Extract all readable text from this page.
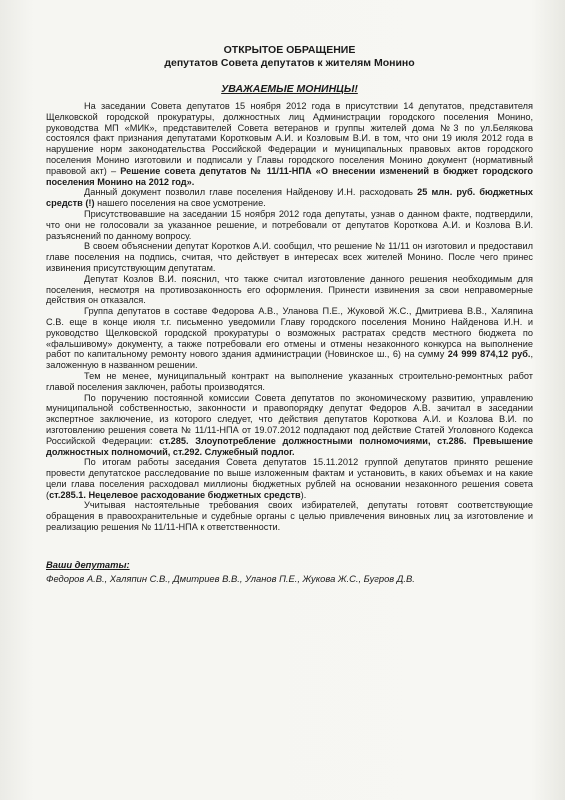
ОТКРЫТОЕ ОБРАЩЕНИЕ

депутатов Совета депутатов к жителям Монино

УВАЖАЕМЫЕ МОНИНЦЫ!

На заседании Совета депутатов 15 ноября 2012 года в присутствии 14 депутатов, представителя Щелковской городской прокуратуры, должностных лиц Администрации городского поселения Монино, руководства МП «МИК», представителей Совета ветеранов и группы жителей дома №3 по ул.Белякова состоялся факт признания депутатами Коротковым А.И. и Козловым В.И. в том, что они 19 июля 2012 года в нарушение норм законодательства Российской Федерации и муниципальных правовых актов городского поселения Монино изготовили и подписали у Главы городского поселения Монино документ (нормативный правовой акт) – Решение совета депутатов № 11/11-НПА «О внесении изменений в бюджет городского поселения Монино на 2012 год».

Данный документ позволил главе поселения Найденову И.Н. расходовать 25 млн. руб. бюджетных средств (!) нашего поселения на свое усмотрение.

Присутствовавшие на заседании 15 ноября 2012 года депутаты, узнав о данном факте, подтвердили, что они не голосовали за указанное решение, и потребовали от депутатов Короткова А.И. и Козлова В.И. разъяснений по данному вопросу.

В своем объяснении депутат Коротков А.И. сообщил, что решение № 11/11 он изготовил и предоставил главе поселения на подпись, считая, что действует в интересах всех жителей Монино. После чего принес извинения присутствующим депутатам.

Депутат Козлов В.И. пояснил, что также считал изготовление данного решения необходимым для поселения, несмотря на противозаконность его оформления. Принести извинения за свои неправомерные действия он отказался.

Группа депутатов в составе Федорова А.В., Уланова П.Е., Жуковой Ж.С., Дмитриева В.В., Халяпина С.В. еще в конце июля т.г. письменно уведомили Главу городского поселения Монино Найденова И.Н. и руководство Щелковской городской прокуратуры о возможных растратах средств местного бюджета по «фальшивому» документу, а также потребовали его отмены и отмены незаконного конкурса на выполнение работ по капитальному ремонту нового здания администрации (Новинское ш., 6) на сумму 24 999 874,12 руб., заложенную в названном решении.

Тем не менее, муниципальный контракт на выполнение указанных строительно-ремонтных работ главой поселения заключен, работы производятся.

По поручению постоянной комиссии Совета депутатов по экономическому развитию, управлению муниципальной собственностью, законности и правопорядку депутат Федоров А.В. зачитал в заседании экспертное заключение, из которого следует, что действия депутатов Короткова А.И. и Козлова В.И. по изготовлению решения совета № 11/11-НПА от 19.07.2012 подпадают под действие Статей Уголовного Кодекса Российской Федерации: ст.285. Злоупотребление должностными полномочиями, ст.286. Превышение должностных полномочий, ст.292. Служебный подлог.

По итогам работы заседания Совета депутатов 15.11.2012 группой депутатов принято решение провести депутатское расследование по выше изложенным фактам и установить, в каких объемах и на какие цели глава поселения расходовал миллионы бюджетных рублей на основании незаконного решения совета (ст.285.1. Нецелевое расходование бюджетных средств).

Учитывая настоятельные требования своих избирателей, депутаты готовят соответствующие обращения в правоохранительные и судебные органы с целью привлечения виновных лиц за изготовление и реализацию решения № 11/11-НПА к ответственности.

Ваши депутаты:
Федоров А.В., Халяпин С.В., Дмитриев В.В., Уланов П.Е., Жукова Ж.С., Бугров Д.В.
